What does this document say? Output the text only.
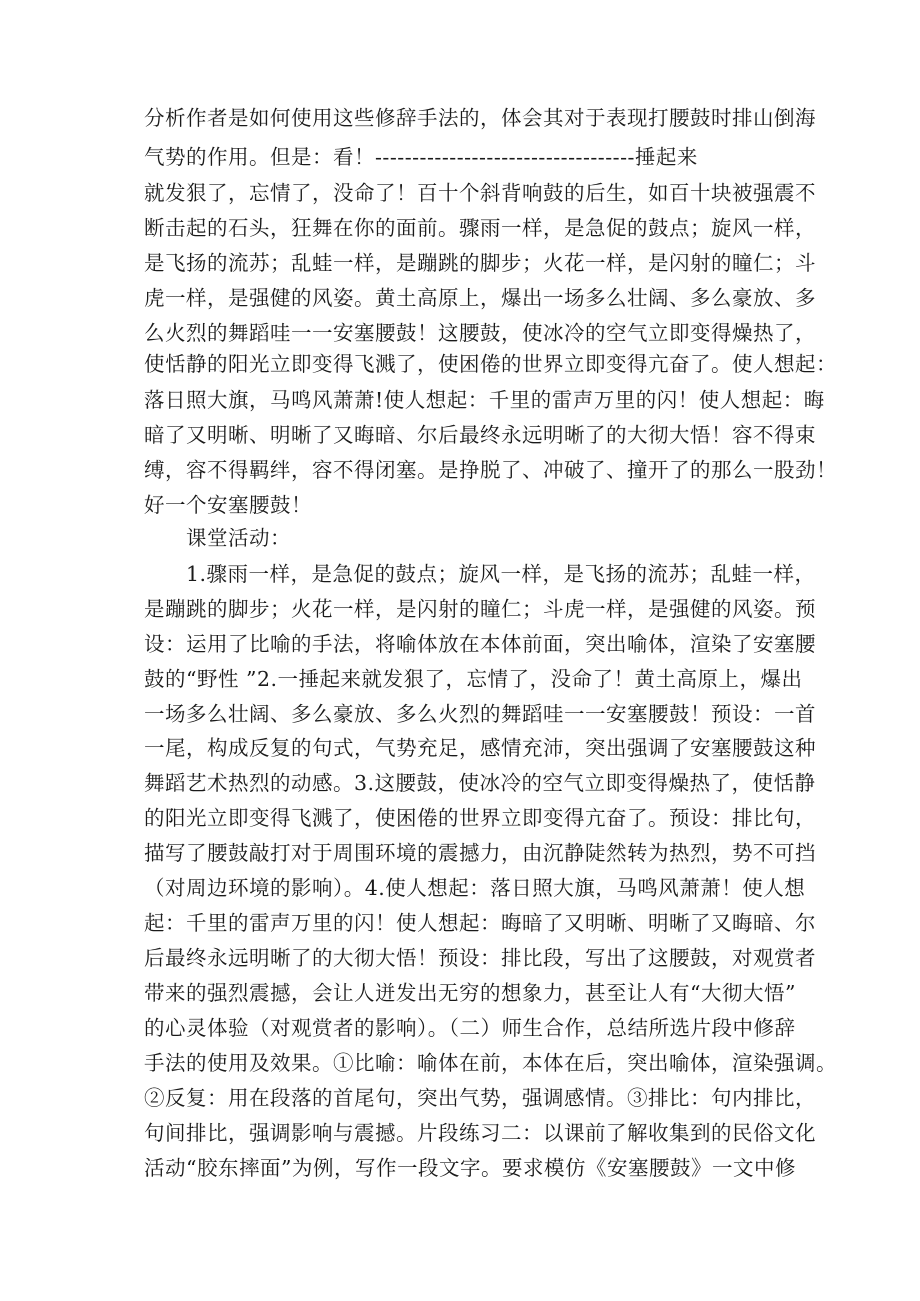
分析作者是如何使用这些修辞手法的，体会其对于表现打腰鼓时排山倒海
气势的作用。但是：看！-----------------------------------捶起来
就发狠了，忘情了，没命了！百十个斜背响鼓的后生，如百十块被强震不
断击起的石头，狂舞在你的面前。骤雨一样，是急促的鼓点；旋风一样，
是飞扬的流苏；乱蛙一样，是蹦跳的脚步；火花一样，是闪射的瞳仁；斗
虎一样，是强健的风姿。黄土高原上，爆出一场多么壮阔、多么豪放、多
么火烈的舞蹈哇一一安塞腰鼓！这腰鼓，使冰冷的空气立即变得燥热了，
使恬静的阳光立即变得飞溅了，使困倦的世界立即变得亢奋了。使人想起：
落日照大旗，马鸣风萧萧!使人想起：千里的雷声万里的闪！使人想起：晦
暗了又明晰、明晰了又晦暗、尔后最终永远明晰了的大彻大悟！容不得束
缚，容不得羁绊，容不得闭塞。是挣脱了、冲破了、撞开了的那么一股劲！
好一个安塞腰鼓！
课堂活动：
1.骤雨一样，是急促的鼓点；旋风一样，是飞扬的流苏；乱蛙一样，
是蹦跳的脚步；火花一样，是闪射的瞳仁；斗虎一样，是强健的风姿。预
设：运用了比喻的手法，将喻体放在本体前面，突出喻体，渲染了安塞腰
鼓的“野性 ”2.一捶起来就发狠了，忘情了，没命了！黄土高原上，爆出
一场多么壮阔、多么豪放、多么火烈的舞蹈哇一一安塞腰鼓！预设：一首
一尾，构成反复的句式，气势充足，感情充沛，突出强调了安塞腰鼓这种
舞蹈艺术热烈的动感。3.这腰鼓，使冰冷的空气立即变得燥热了，使恬静
的阳光立即变得飞溅了，使困倦的世界立即变得亢奋了。预设：排比句，
描写了腰鼓敲打对于周围环境的震撼力，由沉静陡然转为热烈，势不可挡
（对周边环境的影响）。4.使人想起：落日照大旗，马鸣风萧萧！使人想
起：千里的雷声万里的闪！使人想起：晦暗了又明晰、明晰了又晦暗、尔
后最终永远明晰了的大彻大悟！预设：排比段，写出了这腰鼓，对观赏者
带来的强烈震撼，会让人迸发出无穷的想象力，甚至让人有“大彻大悟”
的心灵体验（对观赏者的影响）。（二）师生合作，总结所选片段中修辞
手法的使用及效果。①比喻：喻体在前，本体在后，突出喻体，渲染强调。
②反复：用在段落的首尾句，突出气势，强调感情。③排比：句内排比，
句间排比，强调影响与震撼。片段练习二：以课前了解收集到的民俗文化
活动“胶东摔面”为例，写作一段文字。要求模仿《安塞腰鼓》一文中修
